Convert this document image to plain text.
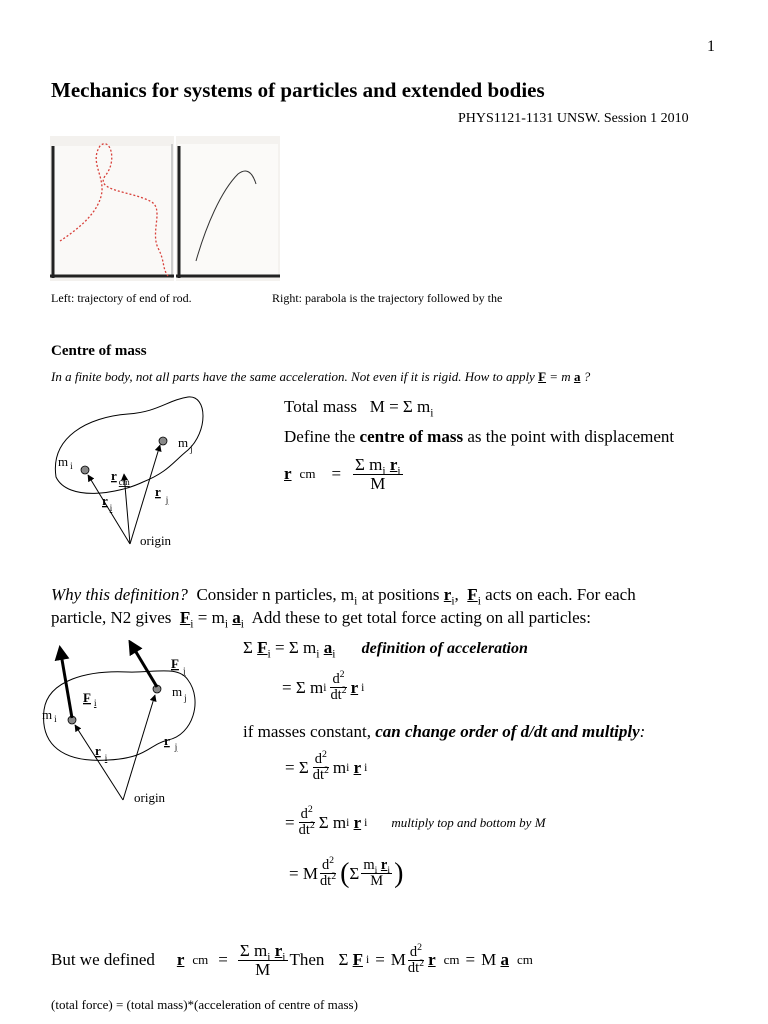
1
Mechanics for systems of particles and extended bodies
PHYS1121-1131 UNSW. Session 1 2010
Left: trajectory of end of rod.	Right: parabola is the trajectory followed by the
Centre of mass
In a finite body, not all parts have the same acceleration. Not even if it is rigid. How to apply F = m a ?
m $_i$
m $_j$
r $_{cm}$
r $_i$
$r_j$
origin
Total mass M = Σ $m_i$
Define the centre of mass as the point with displacement
r cm = $\frac{\Sigma m_i r_i}{M}$
Why this definition? Consider n particles, $m_i$ at positions $r_i$,  $F_i$ acts on each. For each
particle, N2 gives $F_i = m_i$ $a_i$ Add these to get total force acting on all particles:
F $_i$
F $_j$
m $_i$
m $_j$
r $_i$
r $_j$
origin
Σ $F_i = \Sigma$ $m_i$ $a_i$ definition of acceleration
= Σ m i $\frac{d^2}{dt^2}$ r i
if masses constant, can change order of d/dt and multiply:
= Σ $\frac{d^2}{dt^2}$ m i
r i
= $\frac{d^2}{dt^2}$ Σ m i
r i multiply top and bottom by M
= M $\frac{d^2}{dt^2}$ ( Σ $\frac{m_i r_i}{M}$ )
But we defined r cm = $\frac{\Sigma m_i r_i}{M}$ Then Σ
F i = M $\frac{d^2}{dt^2}$ r cm = M
a cm
(total force) = (total mass)*(acceleration of centre of mass)
